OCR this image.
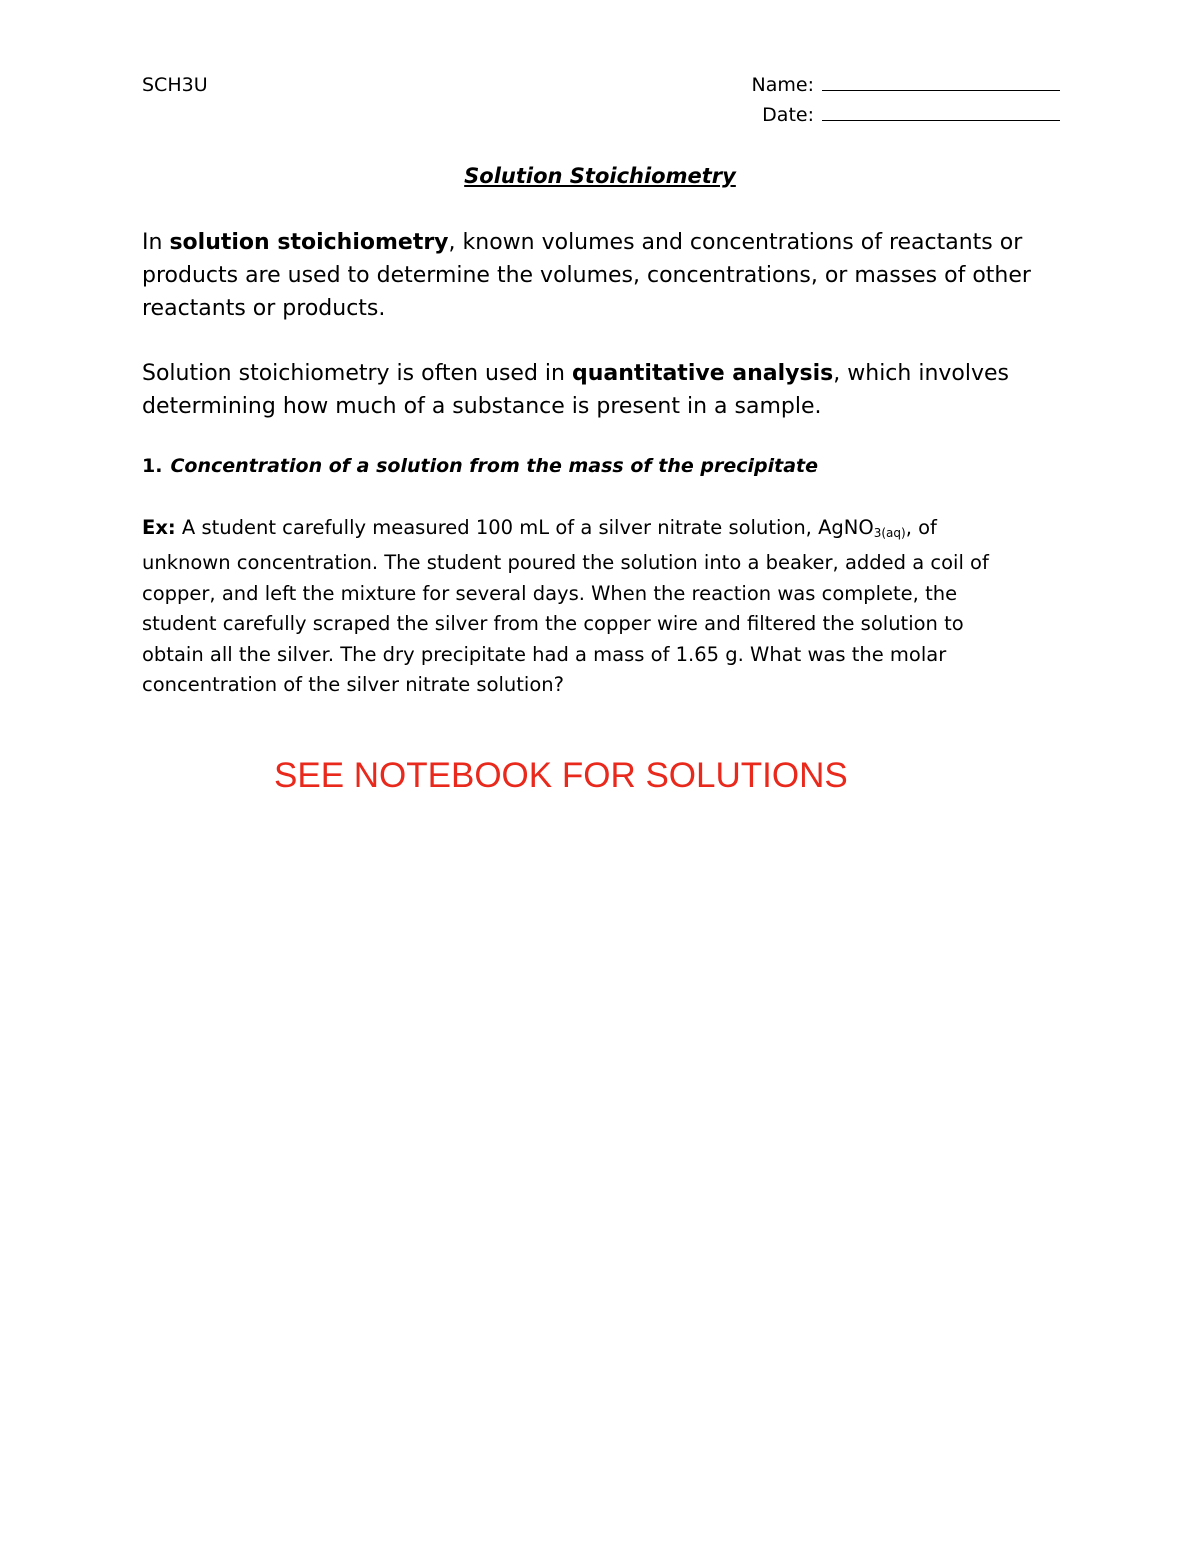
SCH3U	Name:
Date:
Solution Stoichiometry
In solution stoichiometry, known volumes and concentrations of reactants or products are used to determine the volumes, concentrations, or masses of other reactants or products.
Solution stoichiometry is often used in quantitative analysis, which involves determining how much of a substance is present in a sample.
1. Concentration of a solution from the mass of the precipitate
Ex: A student carefully measured 100 mL of a silver nitrate solution, AgNO$_{3(aq)}$, of unknown concentration. The student poured the solution into a beaker, added a coil of copper, and left the mixture for several days. When the reaction was complete, the student carefully scraped the silver from the copper wire and filtered the solution to obtain all the silver. The dry precipitate had a mass of 1.65 g. What was the molar concentration of the silver nitrate solution?
SEE NOTEBOOK FOR SOLUTIONS
